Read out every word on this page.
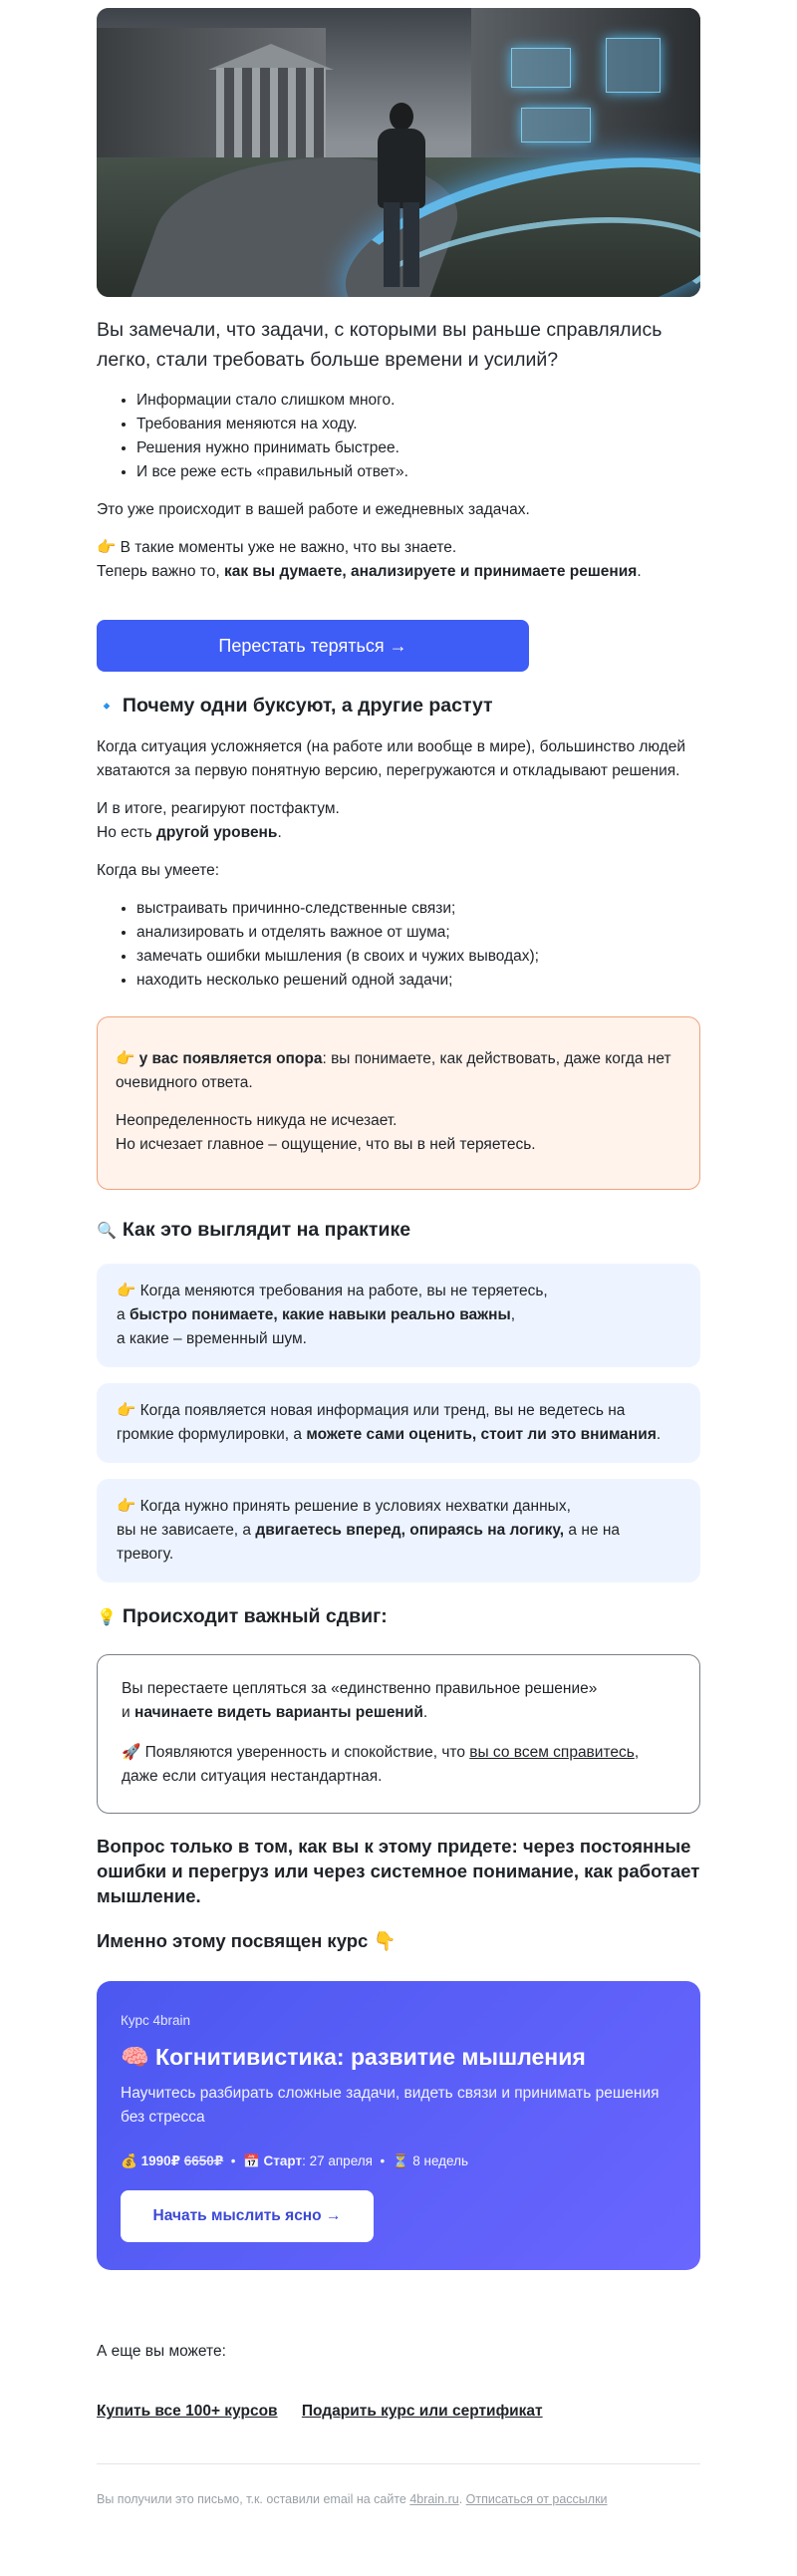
Вы замечали, что задачи, с которыми вы раньше справлялись легко, стали требовать больше времени и усилий?

• Информации стало слишком много.
• Требования меняются на ходу.
• Решения нужно принимать быстрее.
• И все реже есть «правильный ответ».

Это уже происходит в вашей работе и ежедневных задачах.

👉 В такие моменты уже не важно, что вы знаете.
Теперь важно то, как вы думаете, анализируете и принимаете решения.

Перестать теряться →
🔹 Почему одни буксуют, а другие растут

Когда ситуация усложняется (на работе или вообще в мире), большинство людей хватаются за первую понятную версию, перегружаются и откладывают решения.

И в итоге, реагируют постфактум.
Но есть другой уровень.

Когда вы умеете:

• выстраивать причинно-следственные связи;
• анализировать и отделять важное от шума;
• замечать ошибки мышления (в своих и чужих выводах);
• находить несколько решений одной задачи;

👉 у вас появляется опора: вы понимаете, как действовать, даже когда нет очевидного ответа.

Неопределенность никуда не исчезает.
Но исчезает главное – ощущение, что вы в ней теряетесь.

🔍 Как это выглядит на практике

👉 Когда меняются требования на работе, вы не теряетесь,
а быстро понимаете, какие навыки реально важны,
а какие – временный шум.

👉 Когда появляется новая информация или тренд, вы не ведетесь на громкие формулировки, а можете сами оценить, стоит ли это внимания.

👉 Когда нужно принять решение в условиях нехватки данных,
вы не зависаете, а двигаетесь вперед, опираясь на логику, а не на тревогу.

💡 Происходит важный сдвиг:

Вы перестаете цепляться за «единственно правильное решение»
и начинаете видеть варианты решений.

🚀 Появляются уверенность и спокойствие, что вы со всем справитесь,
даже если ситуация нестандартная.

Вопрос только в том, как вы к этому придете: через постоянные ошибки и перегруз или через системное понимание, как работает мышление.

Именно этому посвящен курс 👇

Курс 4brain
🧠 Когнитивистика: развитие мышления
Научитесь разбирать сложные задачи, видеть связи и принимать решения без стресса
💰 1990₽ 6650₽  •  📅 Старт: 27 апреля  •  ⏳ 8 недель
Начать мыслить ясно →

А еще вы можете:

Купить все 100+ курсов Подарить курс или сертификат

Вы получили это письмо, т.к. оставили email на сайте 4brain.ru. Отписаться от рассылки
